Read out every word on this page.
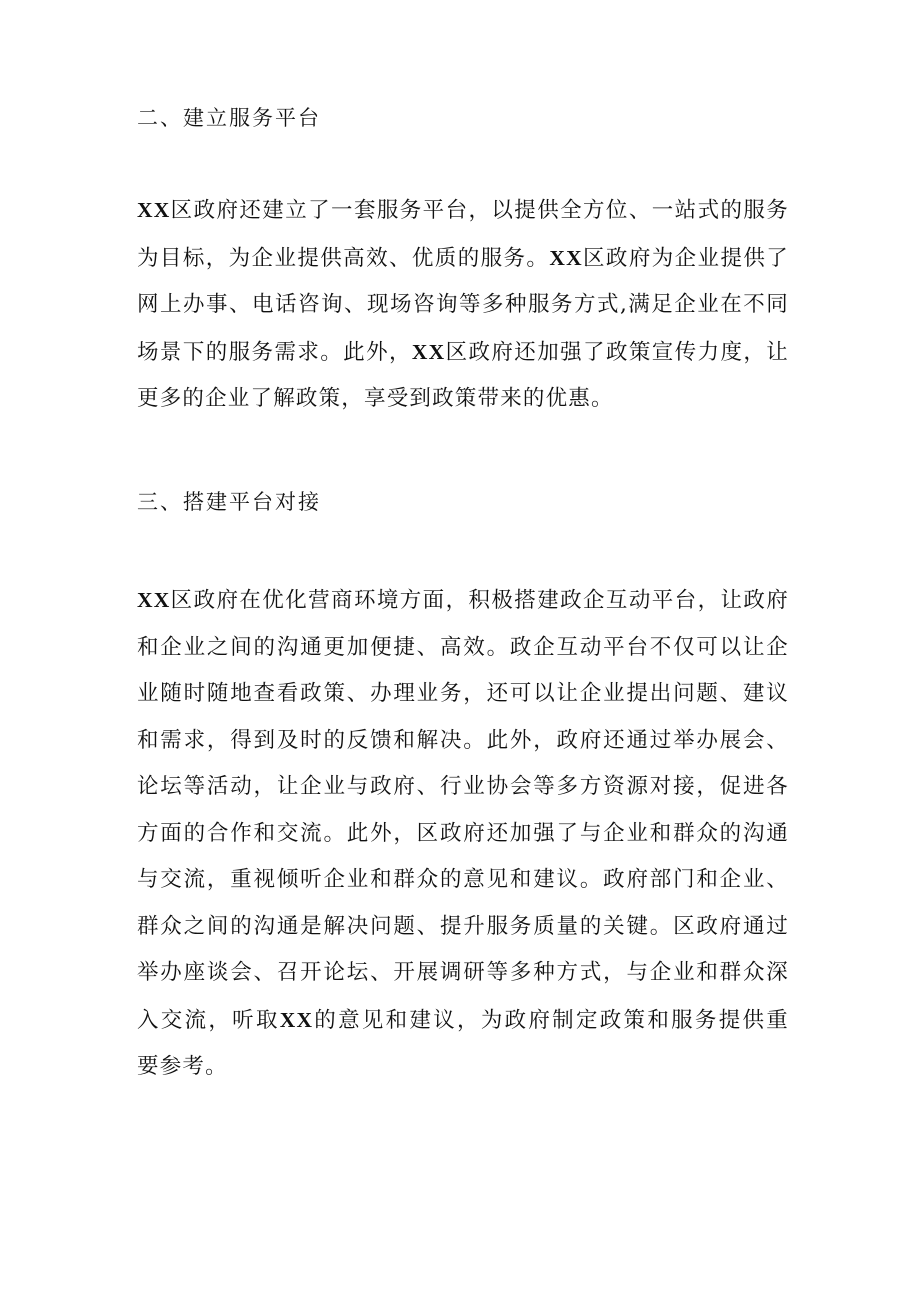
二、建立服务平台
XX区政府还建立了一套服务平台，以提供全方位、一站式的服务
为目标，为企业提供高效、优质的服务。XX区政府为企业提供了
网上办事、电话咨询、现场咨询等多种服务方式,满足企业在不同
场景下的服务需求。此外，XX区政府还加强了政策宣传力度，让
更多的企业了解政策，享受到政策带来的优惠。
三、搭建平台对接
XX区政府在优化营商环境方面，积极搭建政企互动平台，让政府
和企业之间的沟通更加便捷、高效。政企互动平台不仅可以让企
业随时随地查看政策、办理业务，还可以让企业提出问题、建议
和需求，得到及时的反馈和解决。此外，政府还通过举办展会、
论坛等活动，让企业与政府、行业协会等多方资源对接，促进各
方面的合作和交流。此外，区政府还加强了与企业和群众的沟通
与交流，重视倾听企业和群众的意见和建议。政府部门和企业、
群众之间的沟通是解决问题、提升服务质量的关键。区政府通过
举办座谈会、召开论坛、开展调研等多种方式，与企业和群众深
入交流，听取XX的意见和建议，为政府制定政策和服务提供重
要参考。
